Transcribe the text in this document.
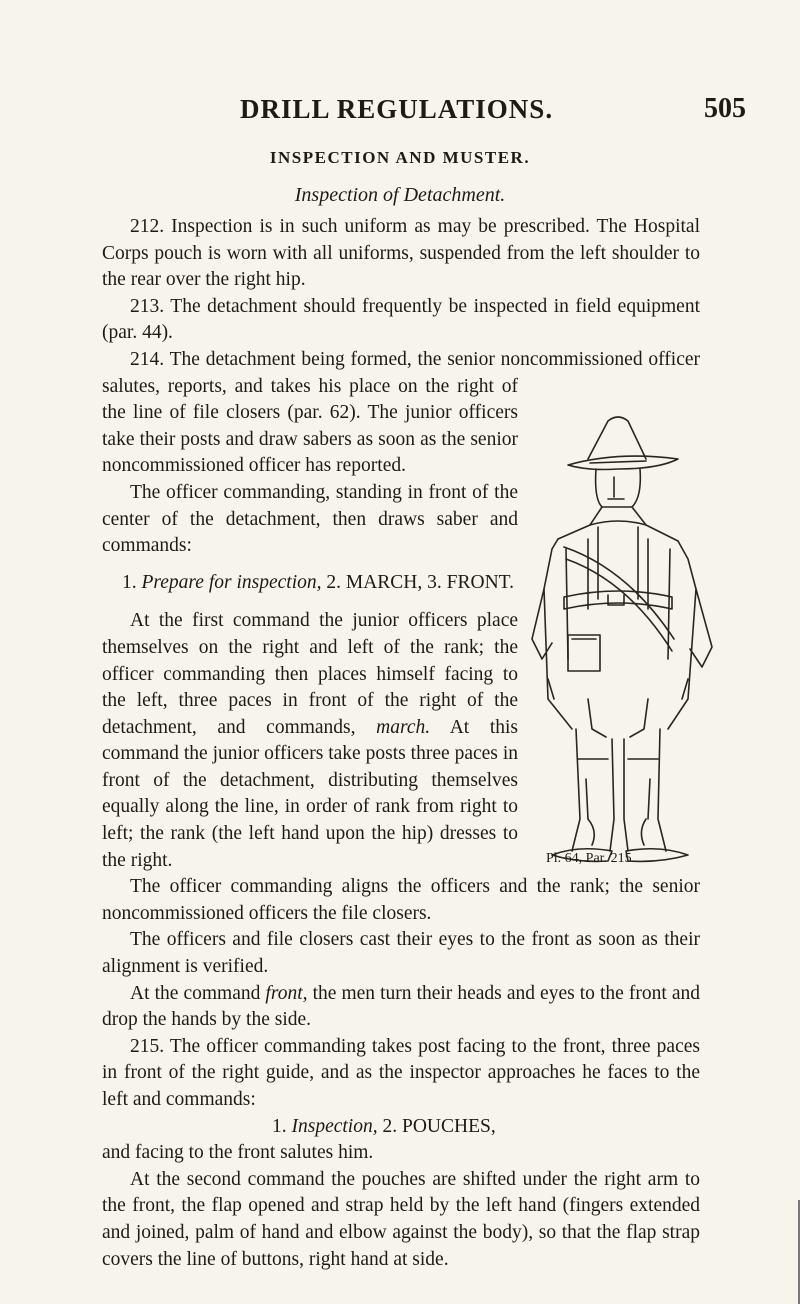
DRILL REGULATIONS.	505
INSPECTION AND MUSTER.
Inspection of Detachment.

212. Inspection is in such uniform as may be prescribed. The Hospital Corps pouch is worn with all uniforms, suspended from the left shoulder to the rear over the right hip.

213. The detachment should frequently be inspected in field equipment (par. 44).

Pl. 64, Par. 215.

214. The detachment being formed, the senior noncommissioned officer salutes, reports, and takes his place on the right of the line of file closers (par. 62). The junior officers take their posts and draw sabers as soon as the senior noncommissioned officer has reported.

The officer commanding, standing in front of the center of the detachment, then draws saber and commands:

1. Prepare for inspection, 2. MARCH, 3. FRONT.

At the first command the junior officers place themselves on the right and left of the rank; the officer commanding then places himself facing to the left, three paces in front of the right of the detachment, and commands, march. At this command the junior officers take posts three paces in front of the detachment, distributing themselves equally along the line, in order of rank from right to left; the rank (the left hand upon the hip) dresses to the right.

The officer commanding aligns the officers and the rank; the senior noncommissioned officers the file closers.

The officers and file closers cast their eyes to the front as soon as their alignment is verified.

At the command front, the men turn their heads and eyes to the front and drop the hands by the side.

215. The officer commanding takes post facing to the front, three paces in front of the right guide, and as the inspector approaches he faces to the left and commands:

1. Inspection, 2. POUCHES,

and facing to the front salutes him.

At the second command the pouches are shifted under the right arm to the front, the flap opened and strap held by the left hand (fingers extended and joined, palm of hand and elbow against the body), so that the flap strap covers the line of buttons, right hand at side.
